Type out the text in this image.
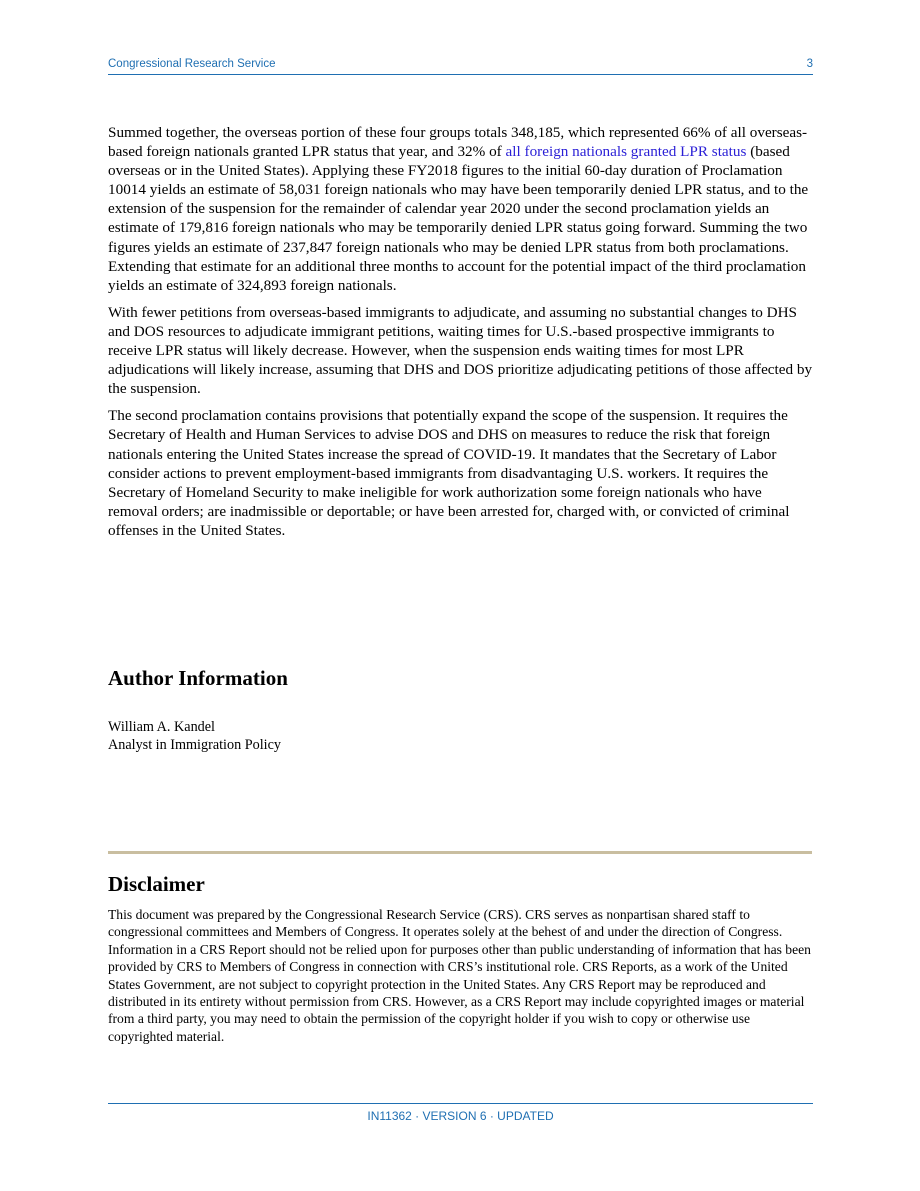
Congressional Research Service	3

Summed together, the overseas portion of these four groups totals 348,185, which represented 66% of all overseas-based foreign nationals granted LPR status that year, and 32% of all foreign nationals granted LPR status (based overseas or in the United States). Applying these FY2018 figures to the initial 60-day duration of Proclamation 10014 yields an estimate of 58,031 foreign nationals who may have been temporarily denied LPR status, and to the extension of the suspension for the remainder of calendar year 2020 under the second proclamation yields an estimate of 179,816 foreign nationals who may be temporarily denied LPR status going forward. Summing the two figures yields an estimate of 237,847 foreign nationals who may be denied LPR status from both proclamations. Extending that estimate for an additional three months to account for the potential impact of the third proclamation yields an estimate of 324,893 foreign nationals.

With fewer petitions from overseas-based immigrants to adjudicate, and assuming no substantial changes to DHS and DOS resources to adjudicate immigrant petitions, waiting times for U.S.-based prospective immigrants to receive LPR status will likely decrease. However, when the suspension ends waiting times for most LPR adjudications will likely increase, assuming that DHS and DOS prioritize adjudicating petitions of those affected by the suspension.

The second proclamation contains provisions that potentially expand the scope of the suspension. It requires the Secretary of Health and Human Services to advise DOS and DHS on measures to reduce the risk that foreign nationals entering the United States increase the spread of COVID-19. It mandates that the Secretary of Labor consider actions to prevent employment-based immigrants from disadvantaging U.S. workers. It requires the Secretary of Homeland Security to make ineligible for work authorization some foreign nationals who have removal orders; are inadmissible or deportable; or have been arrested for, charged with, or convicted of criminal offenses in the United States.

Author Information
William A. Kandel
Analyst in Immigration Policy
Disclaimer

This document was prepared by the Congressional Research Service (CRS). CRS serves as nonpartisan shared staff to congressional committees and Members of Congress. It operates solely at the behest of and under the direction of Congress. Information in a CRS Report should not be relied upon for purposes other than public understanding of information that has been provided by CRS to Members of Congress in connection with CRS’s institutional role. CRS Reports, as a work of the United States Government, are not subject to copyright protection in the United States. Any CRS Report may be reproduced and distributed in its entirety without permission from CRS. However, as a CRS Report may include copyrighted images or material from a third party, you may need to obtain the permission of the copyright holder if you wish to copy or otherwise use copyrighted material.

IN11362 · VERSION 6 · UPDATED
